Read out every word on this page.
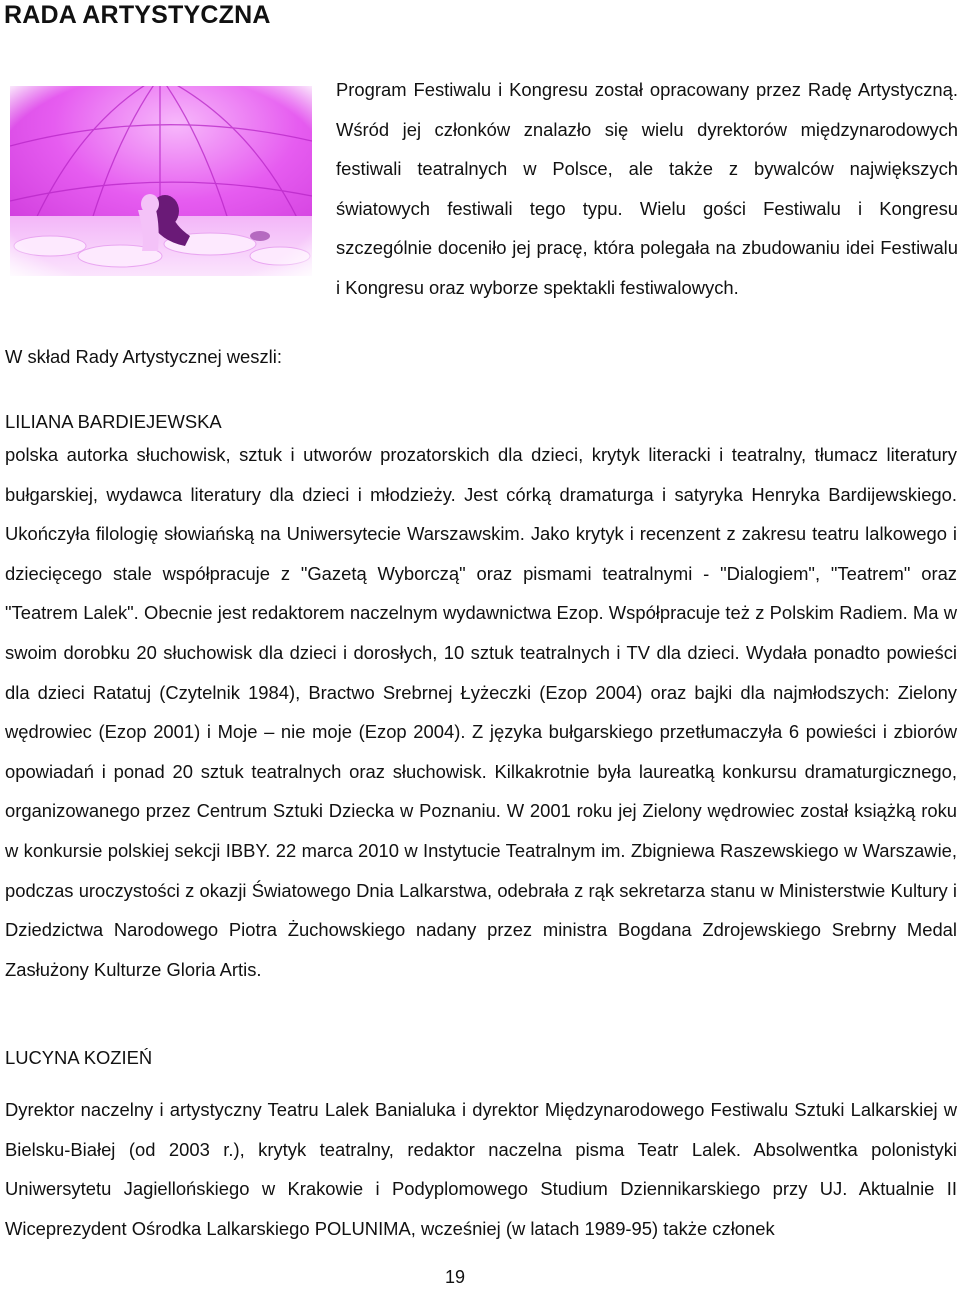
RADA ARTYSTYCZNA

Program Festiwalu i Kongresu został opracowany przez Radę Artystyczną. Wśród jej członków znalazło się wielu dyrektorów międzynarodowych festiwali teatralnych w Polsce, ale także z bywalców największych światowych festiwali tego typu. Wielu gości Festiwalu i Kongresu szczególnie doceniło jej pracę, która polegała na zbudowaniu idei Festiwalu i Kongresu oraz wyborze spektakli festiwalowych.

W skład Rady Artystycznej weszli:

LILIANA BARDIEJEWSKA

polska autorka słuchowisk, sztuk i utworów prozatorskich dla dzieci, krytyk literacki i teatralny, tłumacz literatury bułgarskiej, wydawca literatury dla dzieci i młodzieży. Jest córką dramaturga i satyryka Henryka Bardijewskiego. Ukończyła filologię słowiańską na Uniwersytecie Warszawskim. Jako krytyk i recenzent z zakresu teatru lalkowego i dziecięcego stale współpracuje z "Gazetą Wyborczą" oraz pismami teatralnymi - "Dialogiem", "Teatrem" oraz "Teatrem Lalek". Obecnie jest redaktorem naczelnym wydawnictwa Ezop. Współpracuje też z Polskim Radiem. Ma w swoim dorobku 20 słuchowisk dla dzieci i dorosłych, 10 sztuk teatralnych i TV dla dzieci. Wydała ponadto powieści dla dzieci Ratatuj (Czytelnik 1984), Bractwo Srebrnej Łyżeczki (Ezop 2004) oraz bajki dla najmłodszych: Zielony wędrowiec (Ezop 2001) i Moje – nie moje (Ezop 2004). Z języka bułgarskiego przetłumaczyła 6 powieści i zbiorów opowiadań i ponad 20 sztuk teatralnych oraz słuchowisk. Kilkakrotnie była laureatką konkursu dramaturgicznego, organizowanego przez Centrum Sztuki Dziecka w Poznaniu. W 2001 roku jej Zielony wędrowiec został książką roku w konkursie polskiej sekcji IBBY. 22 marca 2010 w Instytucie Teatralnym im. Zbigniewa Raszewskiego w Warszawie, podczas uroczystości z okazji Światowego Dnia Lalkarstwa, odebrała z rąk sekretarza stanu w Ministerstwie Kultury i Dziedzictwa Narodowego Piotra Żuchowskiego nadany przez ministra Bogdana Zdrojewskiego Srebrny Medal Zasłużony Kulturze Gloria Artis.

LUCYNA KOZIEŃ

Dyrektor naczelny i artystyczny Teatru Lalek Banialuka i dyrektor Międzynarodowego Festiwalu Sztuki Lalkarskiej w Bielsku-Białej (od 2003 r.), krytyk teatralny, redaktor naczelna pisma Teatr Lalek. Absolwentka polonistyki Uniwersytetu Jagiellońskiego w Krakowie i Podyplomowego Studium Dziennikarskiego przy UJ. Aktualnie II Wiceprezydent Ośrodka Lalkarskiego POLUNIMA, wcześniej (w latach 1989-95) także członek

19
